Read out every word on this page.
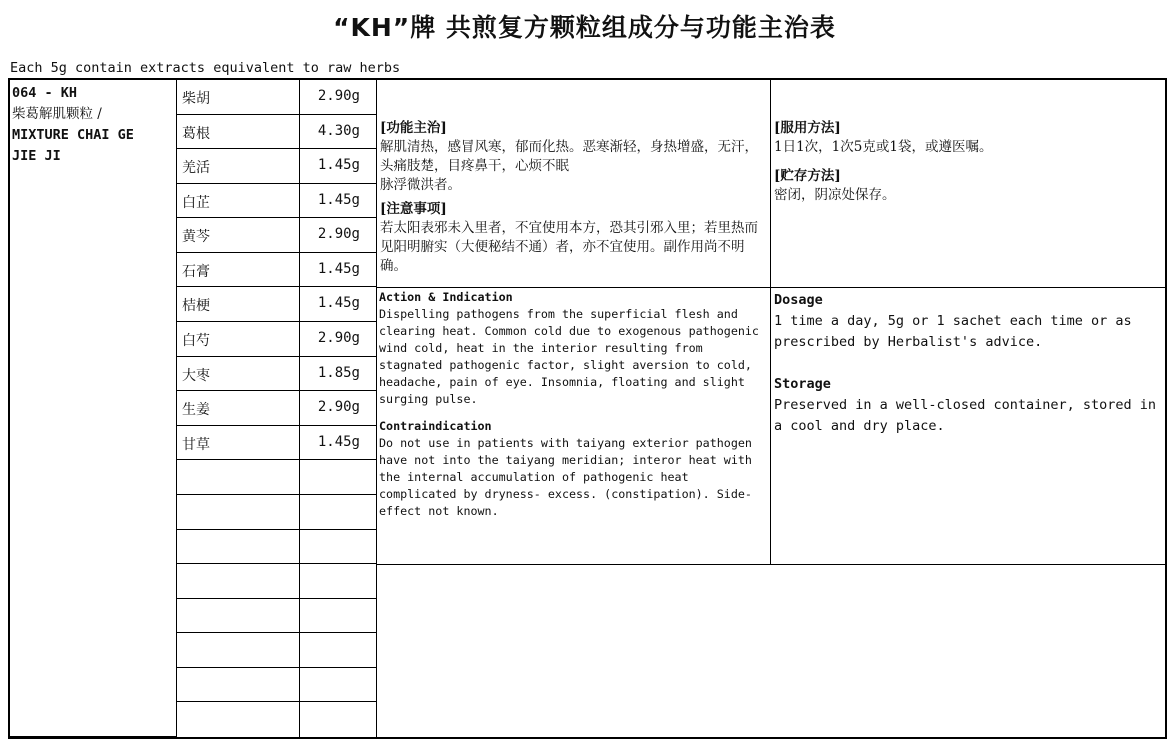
“KH”牌 共煎复方颗粒组成分与功能主治表
Each 5g contain extracts equivalent to raw herbs
064 - KH
柴葛解肌颗粒 /
MIXTURE CHAI GE JIE JI
柴胡	2.90g
葛根	4.30g
羌活	1.45g
白芷	1.45g
黄芩	2.90g
石膏	1.45g
桔梗	1.45g
白芍	2.90g
大枣	1.85g
生姜	2.90g
甘草	1.45g

[功能主治]
解肌清热，感冒风寒，郁而化热。恶寒渐轻，身热增盛，无汗，头痛肢楚，目疼鼻干，心烦不眠
脉浮微洪者。
[注意事项]
若太阳表邪未入里者，不宜使用本方，恐其引邪入里；若里热而见阳明腑实（大便秘结不通）者，亦不宜使用。副作用尚不明确。

[服用方法]
1日1次，1次5克或1袋，或遵医嘱。
[贮存方法]
密闭，阴凉处保存。

Action & Indication
Dispelling pathogens from the superficial flesh and clearing heat. Common cold due to exogenous pathogenic wind cold, heat in the interior resulting from stagnated pathogenic factor, slight aversion to cold, headache, pain of eye. Insomnia, floating and slight surging pulse.
Contraindication
Do not use in patients with taiyang exterior pathogen have not into the taiyang meridian; interor heat with the internal accumulation of pathogenic heat complicated by dryness- excess. (constipation). Side-effect not known.
Dosage
1 time a day, 5g or 1 sachet each time or as prescribed by Herbalist's advice.
Storage
Preserved in a well-closed container, stored in a cool and dry place.
